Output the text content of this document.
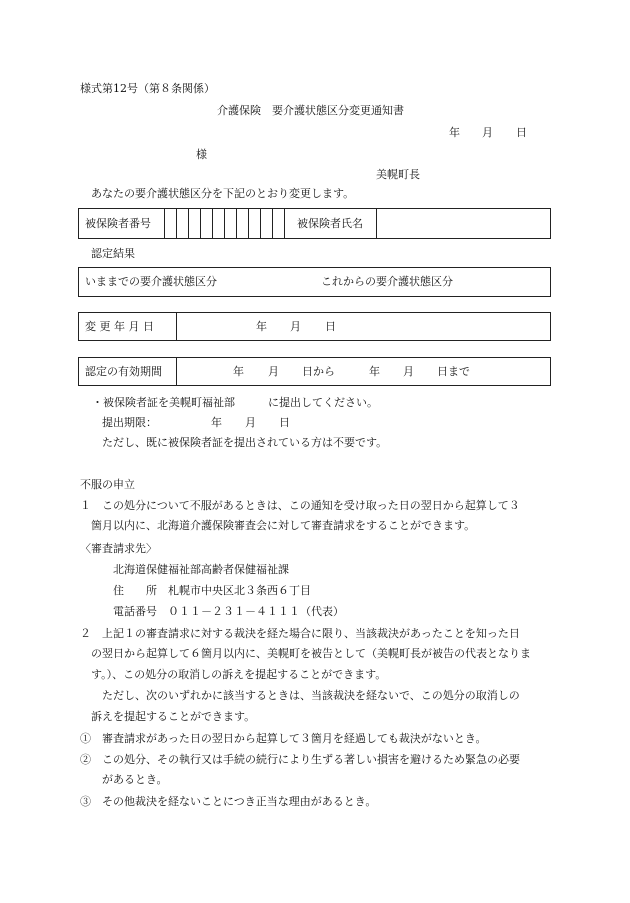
様式第12号（第８条関係）
介護保険　要介護状態区分変更通知書
年 月 日
様
美幌町長
あなたの要介護状態区分を下記のとおり変更します。
被保険者番号	被保険者氏名
認定結果
いままでの要介護状態区分	これからの要介護状態区分
変 更 年 月 日	年 月 日
認定の有効期間	年 月 日から	年 月 日まで
・被保険者証を美幌町福祉部　　　に提出してください。
提出期限：	年 月 日
ただし、既に被保険者証を提出されている方は不要です。
不服の申立
１　この処分について不服があるときは、この通知を受け取った日の翌日から起算して３
箇月以内に、北海道介護保険審査会に対して審査請求をすることができます。
〈審査請求先〉
北海道保健福祉部高齢者保健福祉課
住　　所　札幌市中央区北３条西６丁目
電話番号　０１１－２３１－４１１１（代表）
２　上記１の審査請求に対する裁決を経た場合に限り、当該裁決があったことを知った日
の翌日から起算して６箇月以内に、美幌町を被告として（美幌町長が被告の代表となりま
す。）、この処分の取消しの訴えを提起することができます。
ただし、次のいずれかに該当するときは、当該裁決を経ないで、この処分の取消しの
訴えを提起することができます。
①　審査請求があった日の翌日から起算して３箇月を経過しても裁決がないとき。
②　この処分、その執行又は手続の続行により生ずる著しい損害を避けるため緊急の必要
があるとき。
③　その他裁決を経ないことにつき正当な理由があるとき。
